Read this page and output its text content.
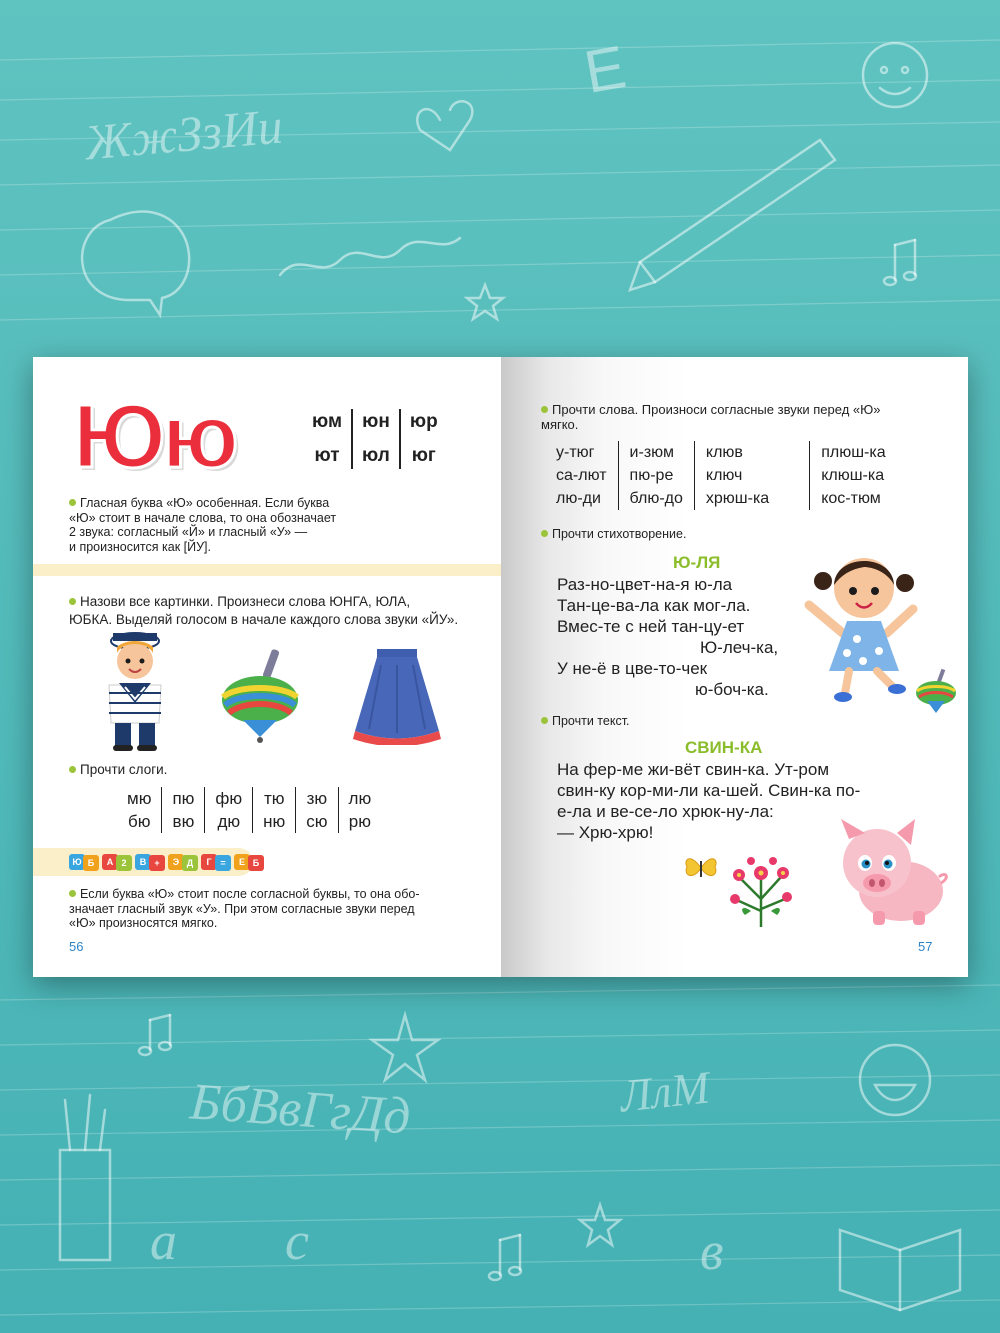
ЖжЗзИи
E
БбВвГгДд	ЛлМ
a c	в
Юю	юм	юн	юр
ют	юл	юг
Гласная буква «Ю» особенная. Если буква
«Ю» стоит в начале слова, то она обозначает
2 звука: согласный «Й» и гласный «У» —
и произносится как [ЙУ].
Назови все картинки. Произнеси слова ЮНГА, ЮЛА,
ЮБКА. Выделяй голосом в начале каждого слова звуки «ЙУ».
Прочти слоги.
мю	пю	фю	тю	зю	лю
бю	вю	дю	ню	сю	рю
Если буква «Ю» стоит после согласной буквы, то она обо-
значает гласный звук «У». При этом согласные звуки перед
«Ю» произносятся мягко.
56
Ю Б	А 2	В +	Э Д	Г =	Е Б
Прочти слова. Произноси согласные звуки перед «Ю»
мягко.
у-тюг	и-зюм	клюв	плюш-ка
са-лют	пю-ре	ключ	клюш-ка
лю-ди	блю-до	хрюш-ка	кос-тюм
Прочти стихотворение.
Ю-ЛЯ
Раз-но-цвет-на-я ю-ла
Тан-це-ва-ла как мог-ла.
Вмес-те с ней тан-цу-ет
Ю-леч-ка,
У не-ё в цве-то-чек
ю-боч-ка.
Прочти текст.
СВИН-КА
На фер-ме жи-вёт свин-ка. Ут-ром
свин-ку кор-ми-ли ка-шей. Свин-ка по-
е-ла и ве-се-ло хрюк-ну-ла:
— Хрю-хрю!
57
